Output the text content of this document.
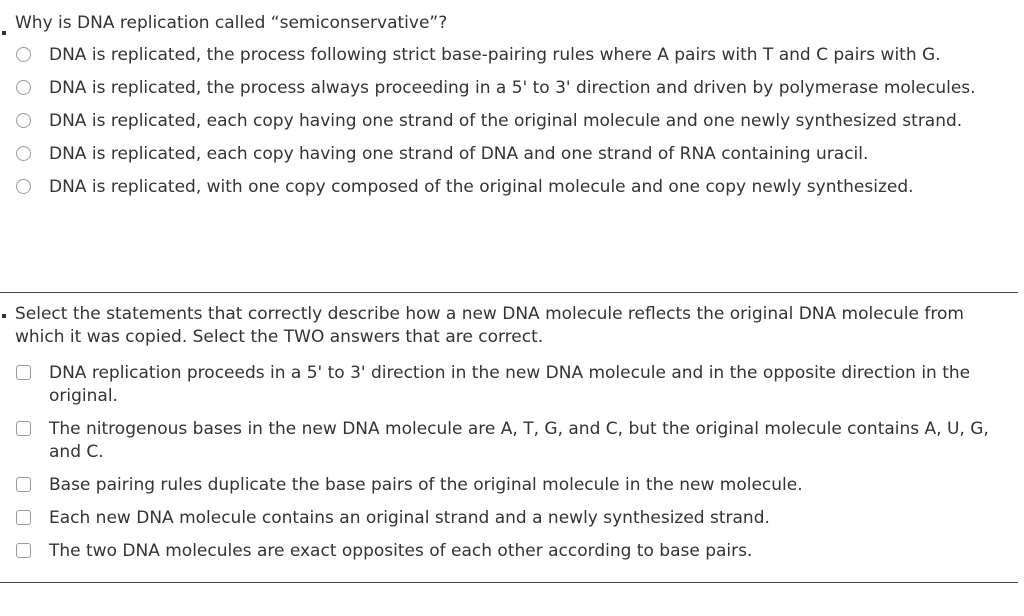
Why is DNA replication called “semiconservative”?

DNA is replicated, the process following strict base-pairing rules where A pairs with T and C pairs with G.
DNA is replicated, the process always proceeding in a 5' to 3' direction and driven by polymerase molecules.
DNA is replicated, each copy having one strand of the original molecule and one newly synthesized strand.
DNA is replicated, each copy having one strand of DNA and one strand of RNA containing uracil.
DNA is replicated, with one copy composed of the original molecule and one copy newly synthesized.

Select the statements that correctly describe how a new DNA molecule reflects the original DNA molecule from which it was copied. Select the TWO answers that are correct.

DNA replication proceeds in a 5' to 3' direction in the new DNA molecule and in the opposite direction in the original.
The nitrogenous bases in the new DNA molecule are A, T, G, and C, but the original molecule contains A, U, G, and C.
Base pairing rules duplicate the base pairs of the original molecule in the new molecule.
Each new DNA molecule contains an original strand and a newly synthesized strand.
The two DNA molecules are exact opposites of each other according to base pairs.
